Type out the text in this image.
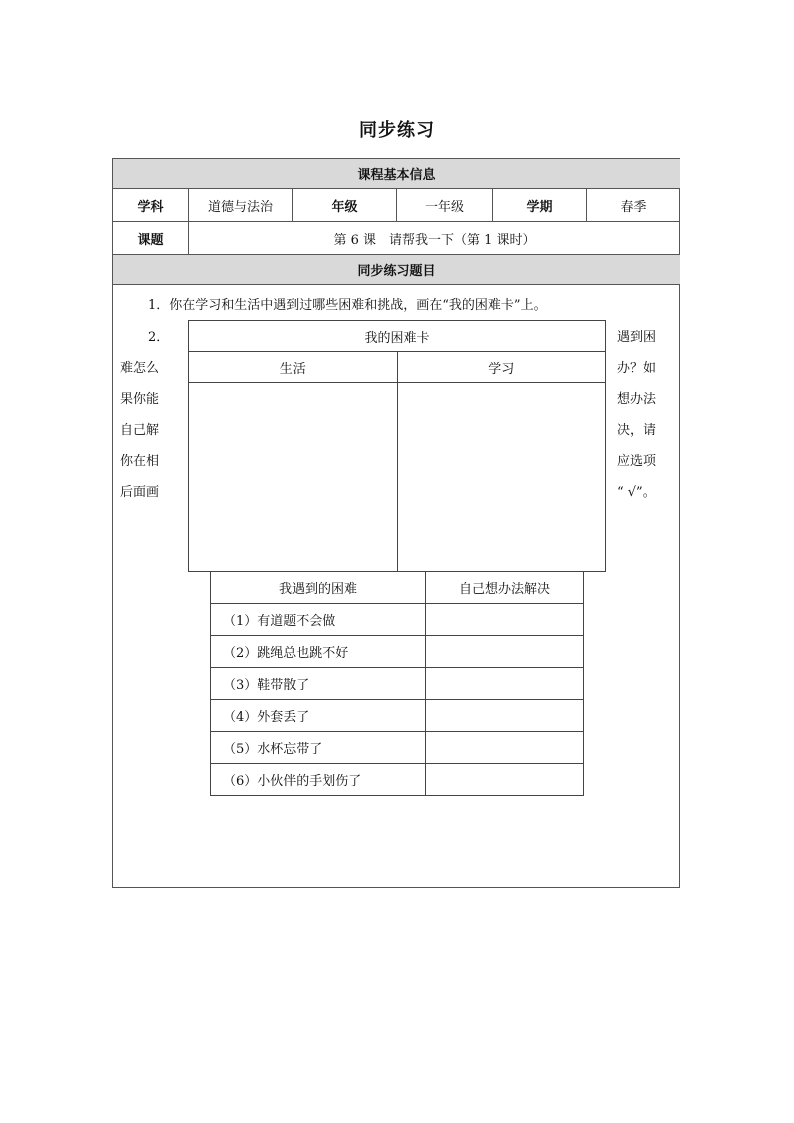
同步练习
课程基本信息
学科	道德与法治	年级	一年级	学期	春季
课题	第 6 课　请帮我一下（第 1 课时）
同步练习题目
1．你在学习和生活中遇到过哪些困难和挑战，画在“我的困难卡”上。
2．
难怎么
果你能
自己解
你在相
后面画
遇到困
办？如
想办法
决，请
应选项
“ √”。
我的困难卡
生活	学习
我遇到的困难	自己想办法解决
（1）有道题不会做
（2）跳绳总也跳不好
（3）鞋带散了
（4）外套丢了
（5）水杯忘带了
（6）小伙伴的手划伤了
